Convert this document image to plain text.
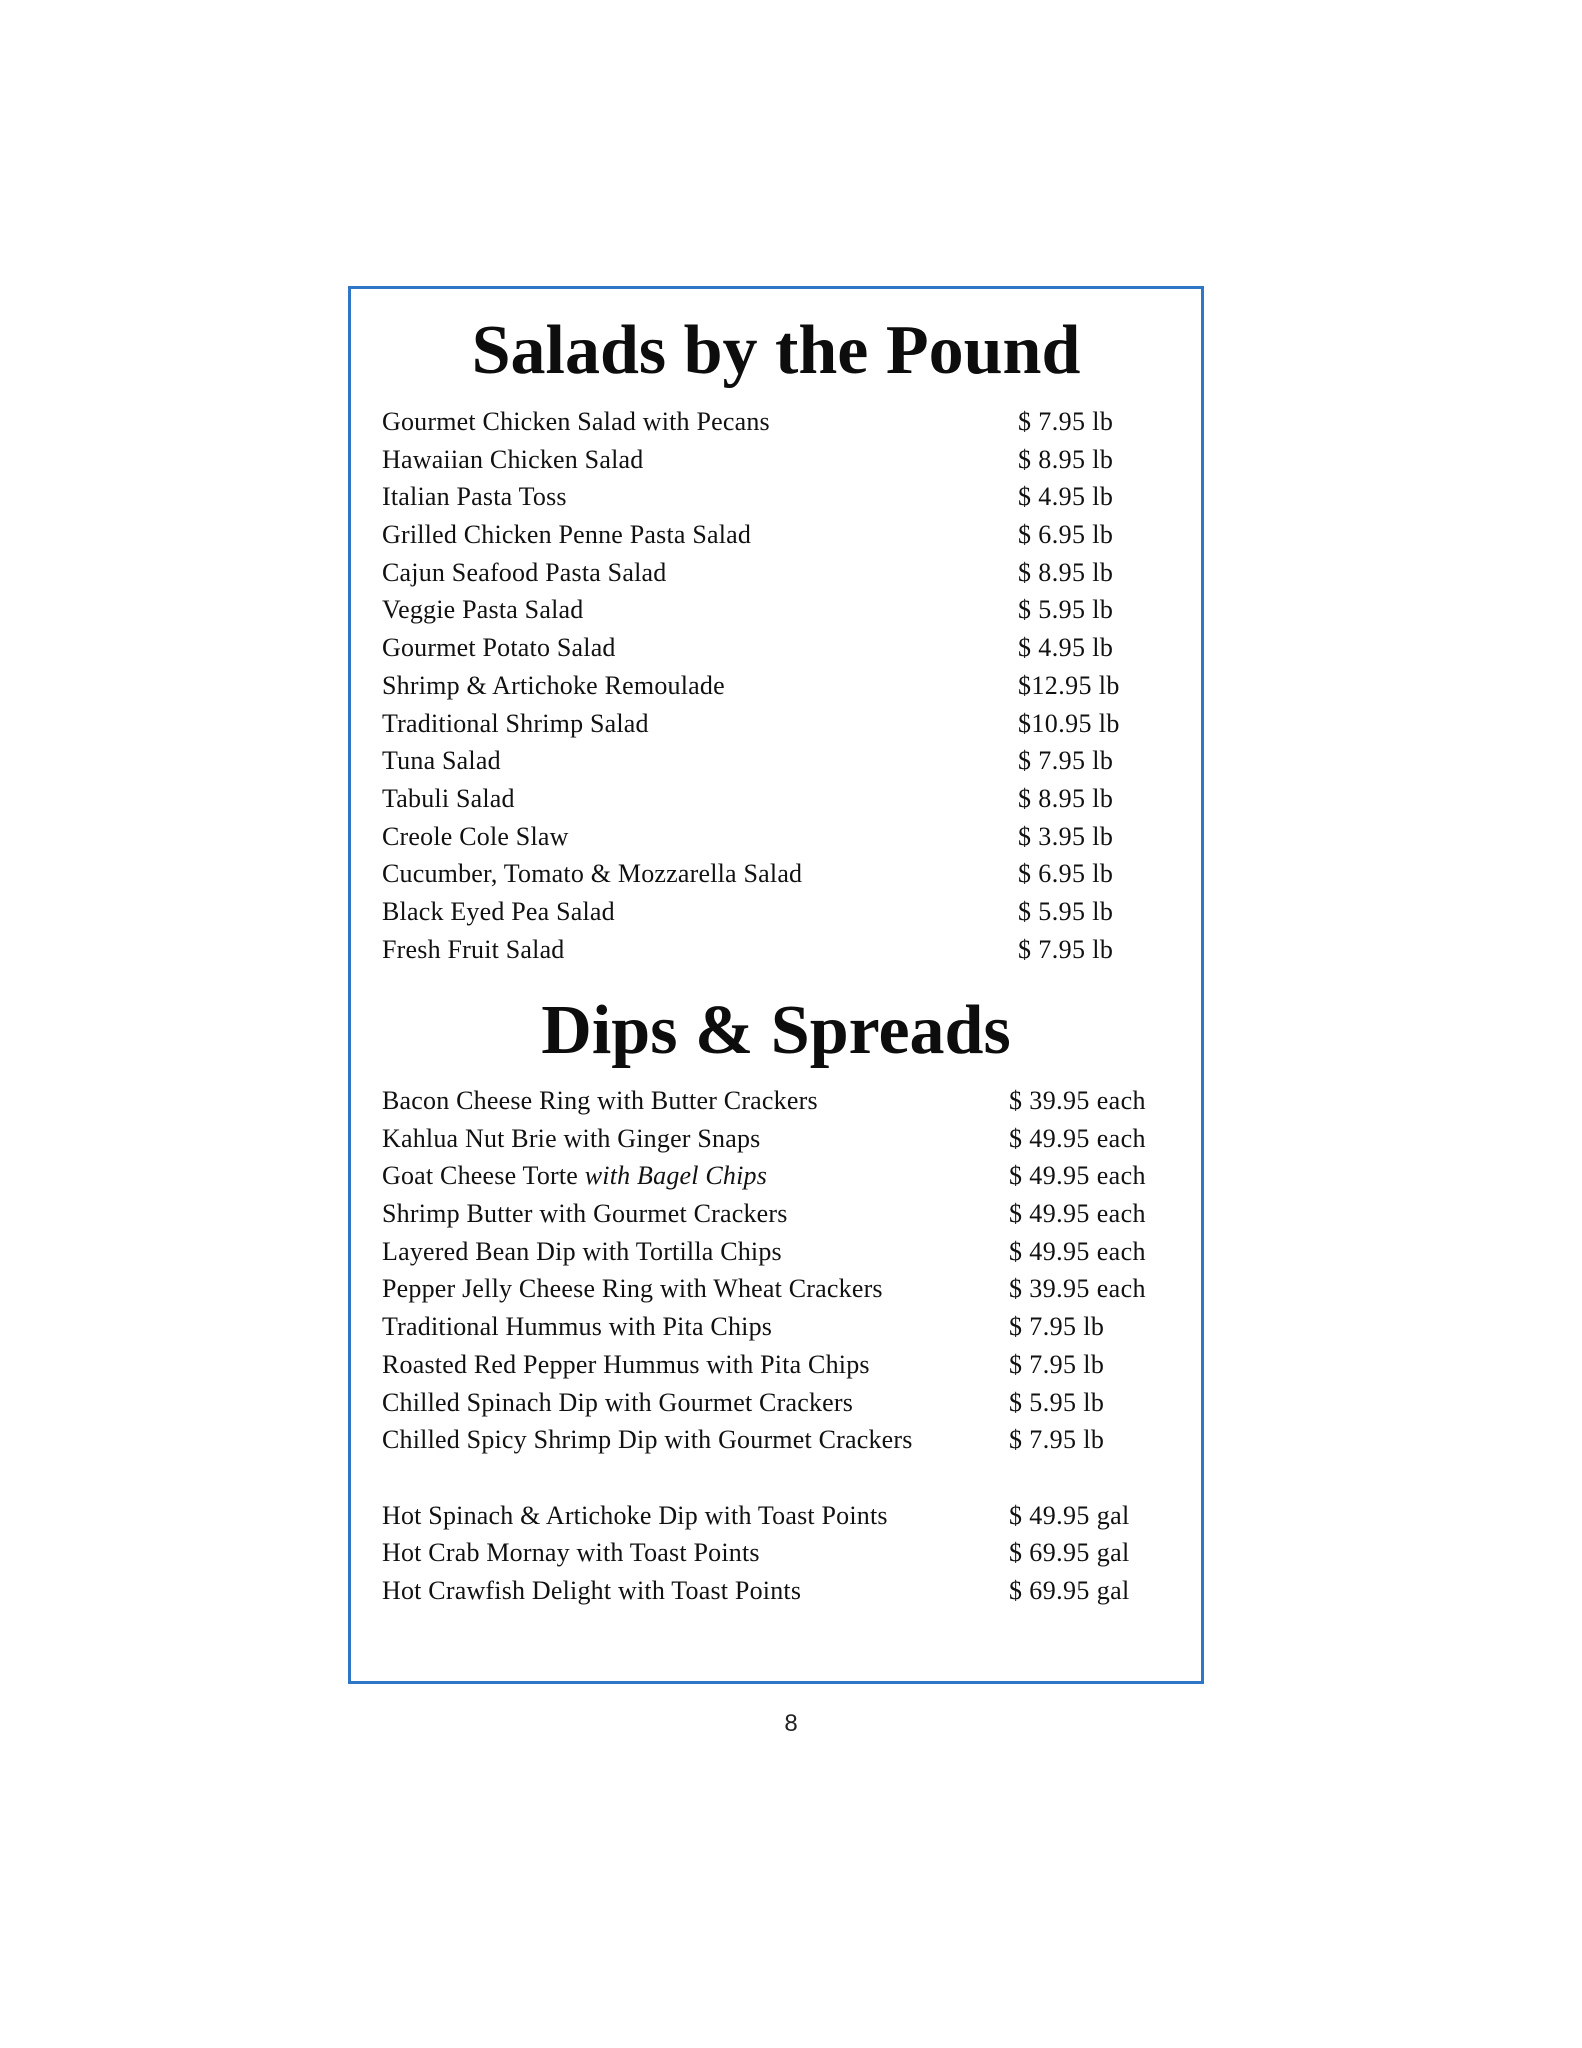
Salads by the Pound
Gourmet Chicken Salad with Pecans	$ 7.95 lb
Hawaiian Chicken Salad	$ 8.95 lb
Italian Pasta Toss	$ 4.95 lb
Grilled Chicken Penne Pasta Salad	$ 6.95 lb
Cajun Seafood Pasta Salad	$ 8.95 lb
Veggie Pasta Salad	$ 5.95 lb
Gourmet Potato Salad	$ 4.95 lb
Shrimp & Artichoke Remoulade	$12.95 lb
Traditional Shrimp Salad	$10.95 lb
Tuna Salad	$ 7.95 lb
Tabuli Salad	$ 8.95 lb
Creole Cole Slaw	$ 3.95 lb
Cucumber, Tomato & Mozzarella Salad	$ 6.95 lb
Black Eyed Pea Salad	$ 5.95 lb
Fresh Fruit Salad	$ 7.95 lb
Dips & Spreads
Bacon Cheese Ring with Butter Crackers	$ 39.95 each
Kahlua Nut Brie with Ginger Snaps	$ 49.95 each
Goat Cheese Torte with Bagel Chips	$ 49.95 each
Shrimp Butter with Gourmet Crackers	$ 49.95 each
Layered Bean Dip with Tortilla Chips	$ 49.95 each
Pepper Jelly Cheese Ring with Wheat Crackers	$ 39.95 each
Traditional Hummus with Pita Chips	$ 7.95 lb
Roasted Red Pepper Hummus with Pita Chips	$ 7.95 lb
Chilled Spinach Dip with Gourmet Crackers	$ 5.95 lb
Chilled Spicy Shrimp Dip with Gourmet Crackers	$ 7.95 lb
Hot Spinach & Artichoke Dip with Toast Points	$ 49.95 gal
Hot Crab Mornay with Toast Points	$ 69.95 gal
Hot Crawfish Delight with Toast Points	$ 69.95 gal
8
